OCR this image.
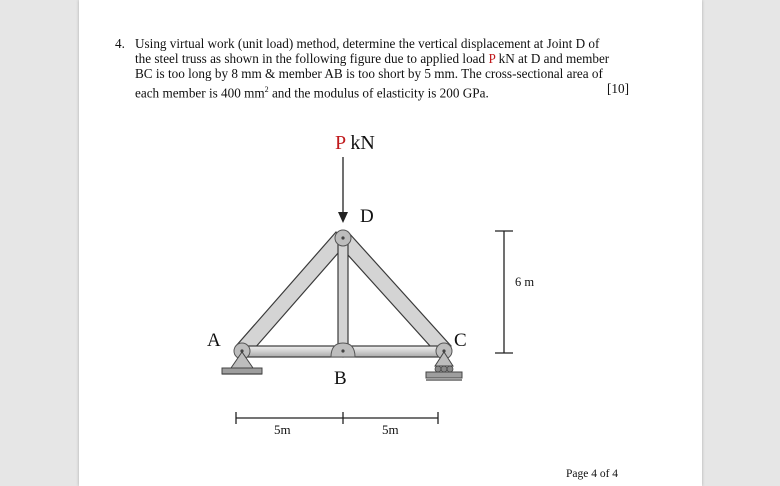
4. Using virtual work (unit load) method, determine the vertical displacement at Joint D of
the steel truss as shown in the following figure due to applied load P kN at D and member
BC is too long by 8 mm & member AB is too short by 5 mm. The cross-sectional area of
each member is 400 $mm^2$ and the modulus of elasticity is 200 GPa.	[10]
P kN
D
A
B
C
6 m
5m	5m
Page 4 of 4
